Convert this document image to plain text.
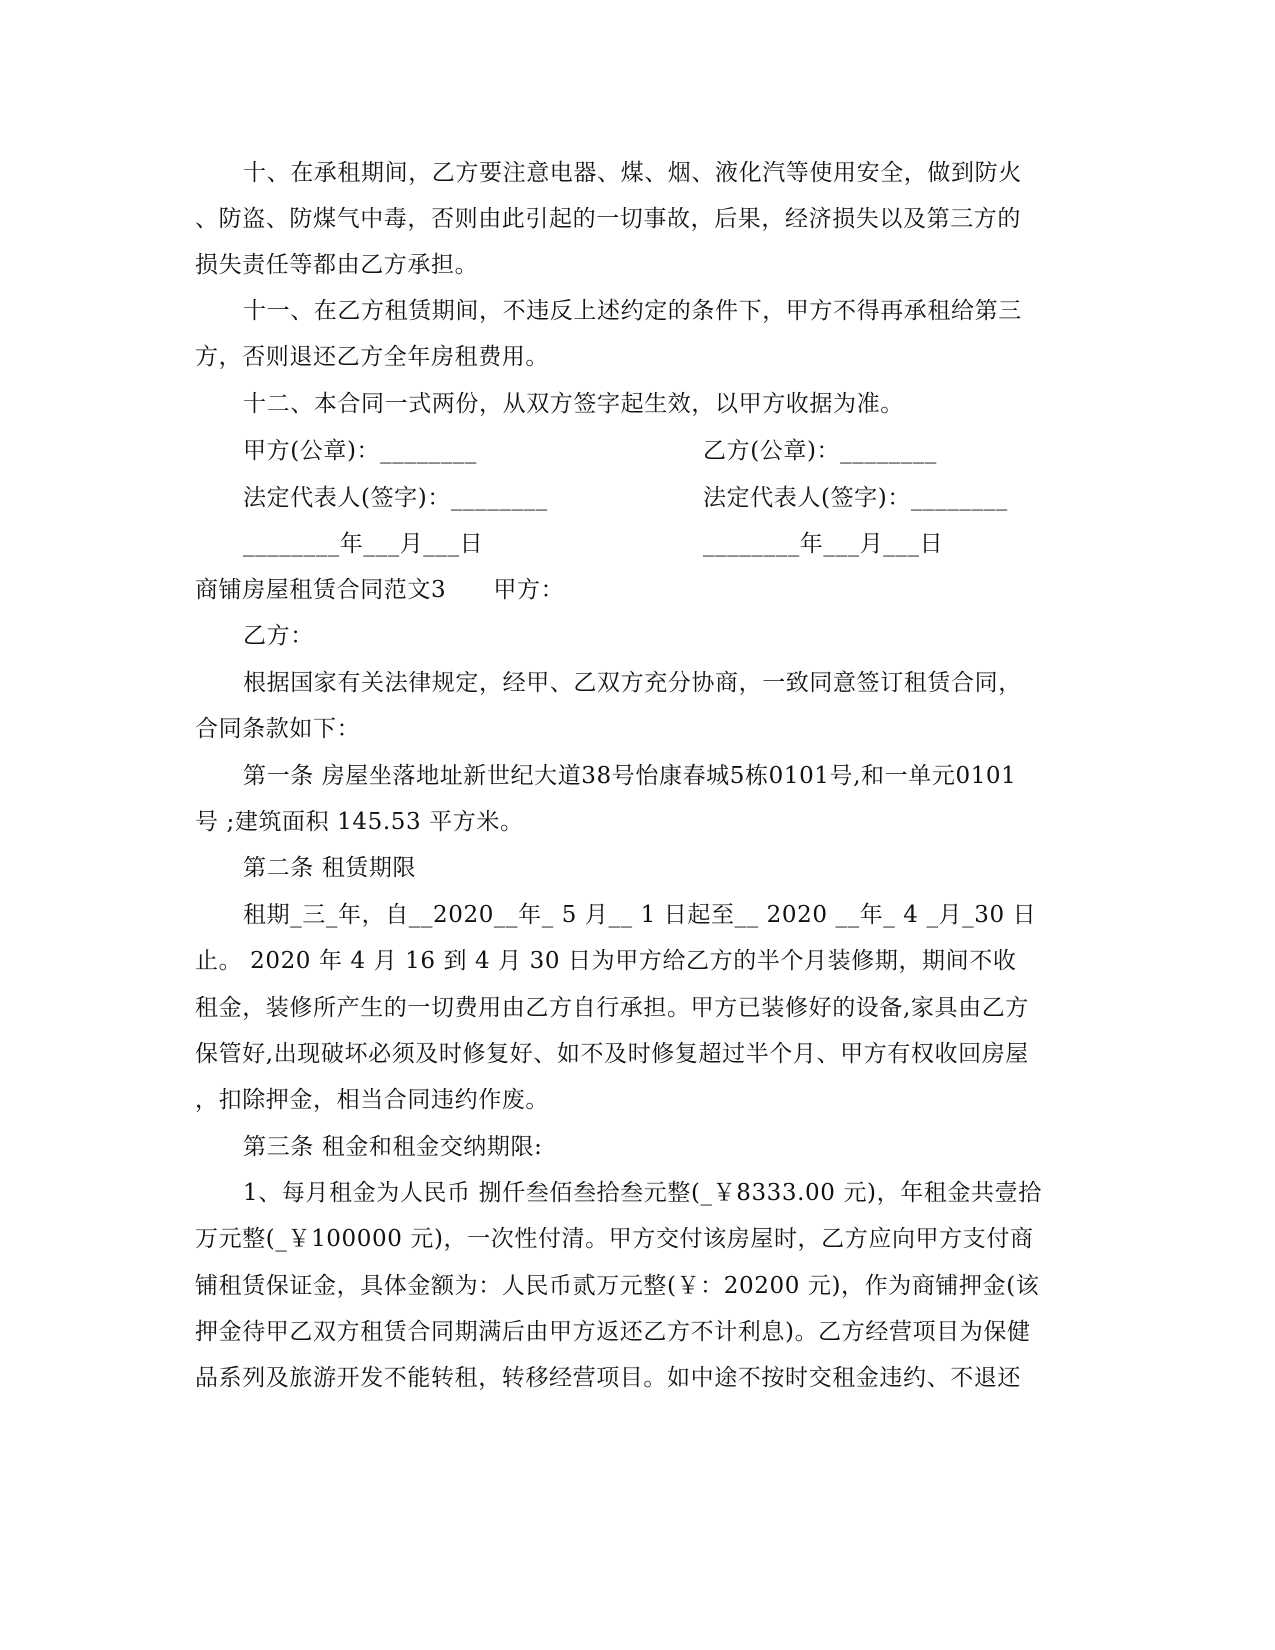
十、在承租期间，乙方要注意电器、煤、烟、液化汽等使用安全，做到防火
、防盗、防煤气中毒，否则由此引起的一切事故，后果，经济损失以及第三方的
损失责任等都由乙方承担。
十一、在乙方租赁期间，不违反上述约定的条件下，甲方不得再承租给第三
方，否则退还乙方全年房租费用。
十二、本合同一式两份，从双方签字起生效，以甲方收据为准。
甲方(公章)：________	乙方(公章)：________
法定代表人(签字)：________	法定代表人(签字)：________
________年___月___日	________年___月___日
商铺房屋租赁合同范文3　　甲方：
乙方：
根据国家有关法律规定，经甲、乙双方充分协商，一致同意签订租赁合同，
合同条款如下：
第一条 房屋坐落地址新世纪大道38号怡康春城5栋0101号,和一单元0101
号 ;建筑面积 145.53 平方米。
第二条 租赁期限
租期_三_年，自__2020__年_ 5 月__ 1 日起至__ 2020 __年_ 4 _月_30 日
止。 2020 年 4 月 16 到 4 月 30 日为甲方给乙方的半个月装修期，期间不收
租金，装修所产生的一切费用由乙方自行承担。甲方已装修好的设备,家具由乙方
保管好,出现破坏必须及时修复好、如不及时修复超过半个月、甲方有权收回房屋
，扣除押金，相当合同违约作废。
第三条 租金和租金交纳期限:
1、每月租金为人民币 捌仟叁佰叁拾叁元整(_￥8333.00 元)，年租金共壹拾
万元整(_￥100000 元)，一次性付清。甲方交付该房屋时，乙方应向甲方支付商
铺租赁保证金，具体金额为：人民币贰万元整(￥：20200 元)，作为商铺押金(该
押金待甲乙双方租赁合同期满后由甲方返还乙方不计利息)。乙方经营项目为保健
品系列及旅游开发不能转租，转移经营项目。如中途不按时交租金违约、不退还
